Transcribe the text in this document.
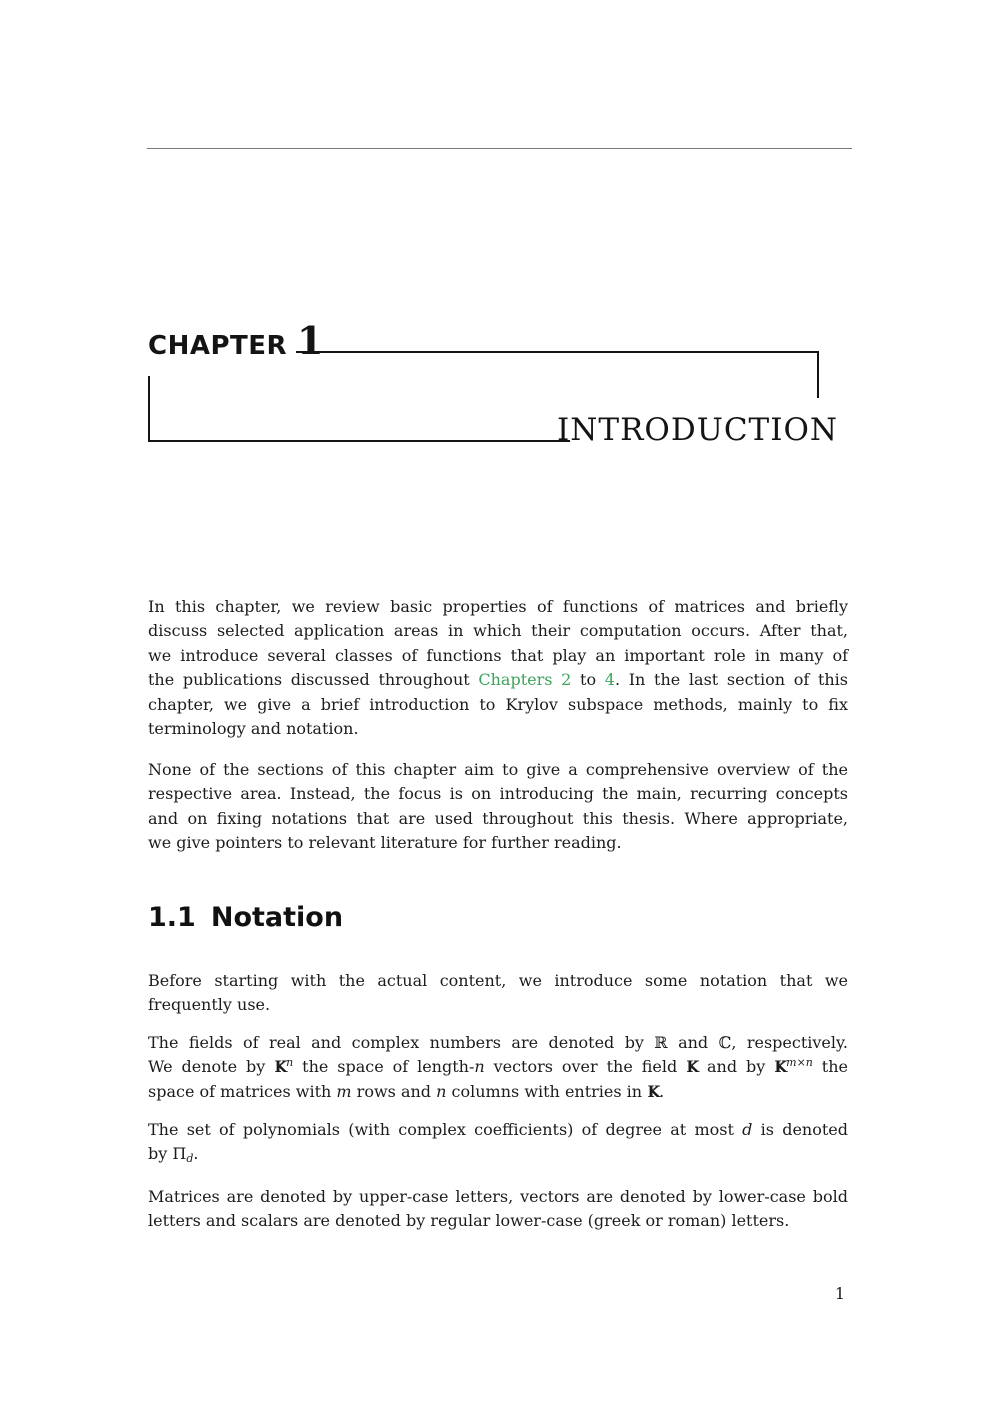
CHAPTER 1
INTRODUCTION
In this chapter, we review basic properties of functions of matrices and briefly
discuss selected application areas in which their computation occurs. After that,
we introduce several classes of functions that play an important role in many of
the publications discussed throughout Chapters 2 to 4. In the last section of this
chapter, we give a brief introduction to Krylov subspace methods, mainly to fix
terminology and notation.
None of the sections of this chapter aim to give a comprehensive overview of the
respective area. Instead, the focus is on introducing the main, recurring concepts
and on fixing notations that are used throughout this thesis. Where appropriate,
we give pointers to relevant literature for further reading.
1.1 Notation
Before starting with the actual content, we introduce some notation that we
frequently use.
The fields of real and complex numbers are denoted by ℝ and ℂ, respectively.
We denote by K $K^n$ the space of length-n vectors over the field K K and by K $K^{m\times n}$ the
space of matrices with m rows and n columns with entries in K K.
The set of polynomials (with complex coefficients) of degree at most d is denoted
by $\Pi_d$.
Matrices are denoted by upper-case letters, vectors are denoted by lower-case bold
letters and scalars are denoted by regular lower-case (greek or roman) letters.
1
